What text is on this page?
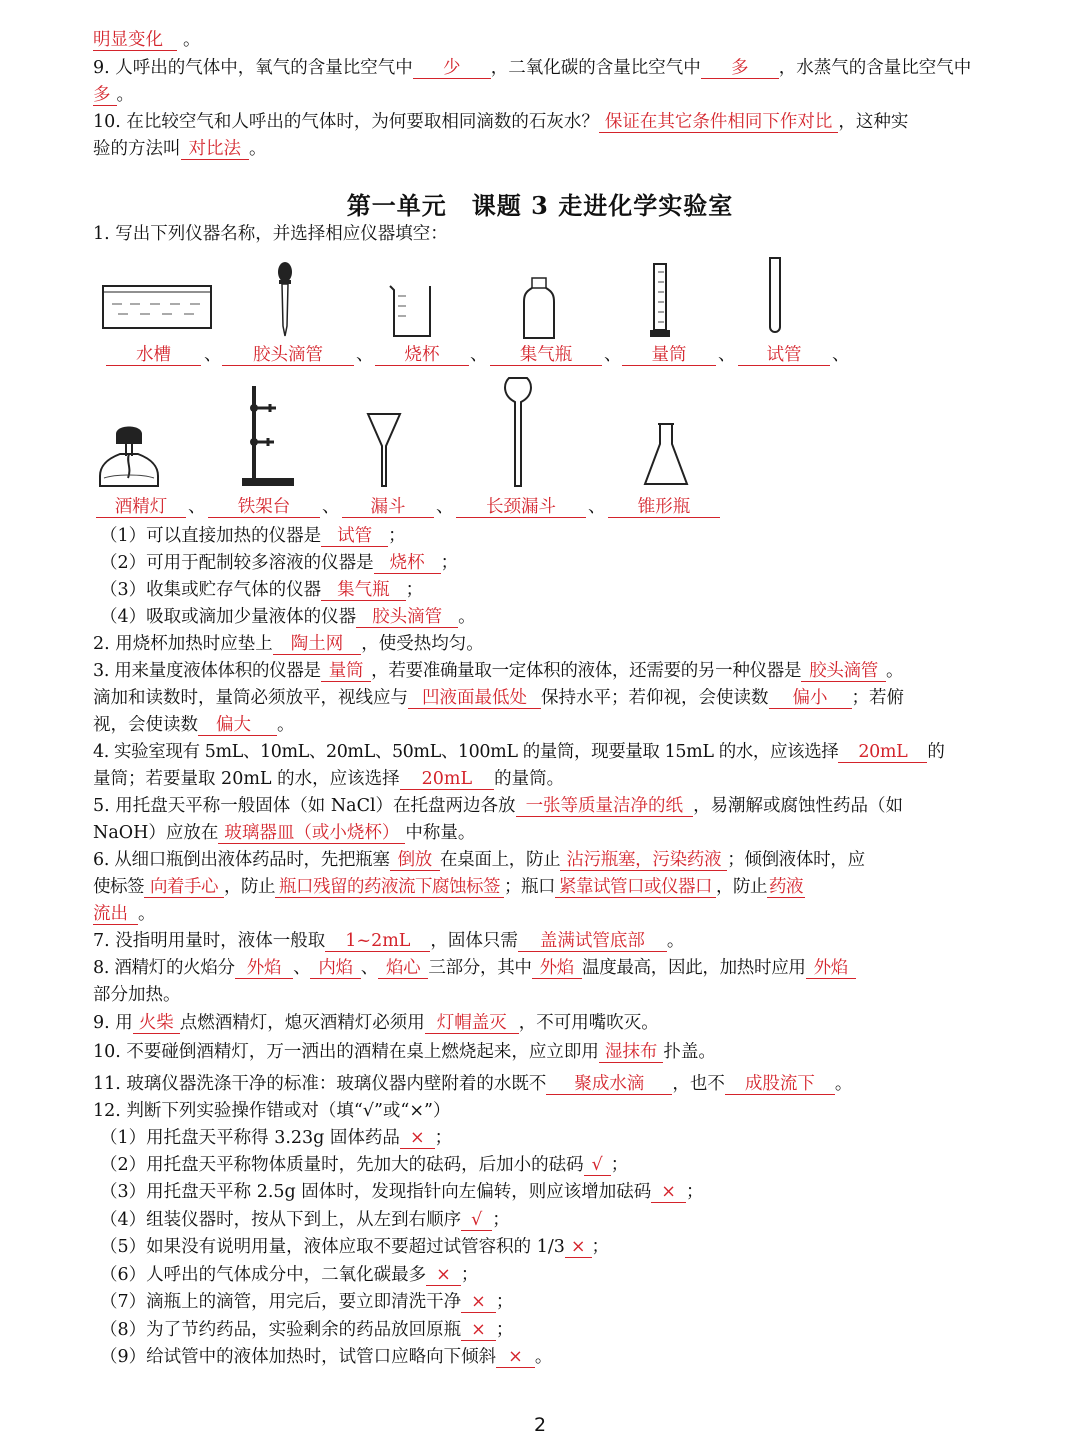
明显变化 。
9. 人呼出的气体中，氧气的含量比空气中 少 ，二氧化碳的含量比空气中 多 ，水蒸气的含量比空气中
多 。
10. 在比较空气和人呼出的气体时，为何要取相同滴数的石灰水？ 保证在其它条件相同下作对比 ，这种实
验的方法叫 对比法 。
第一单元　课题 3 走进化学实验室
1. 写出下列仪器名称，并选择相应仪器填空：
水槽	、	胶头滴管	、	烧杯	、	集气瓶	、	量筒	、	试管	、
酒精灯	、	铁架台	、	漏斗	、	长颈漏斗	、	锥形瓶
（1）可以直接加热的仪器是 试管 ；
（2）可用于配制较多溶液的仪器是 烧杯 ；
（3）收集或贮存气体的仪器 集气瓶 ；
（4）吸取或滴加少量液体的仪器 胶头滴管 。
2. 用烧杯加热时应垫上 陶土网 ，使受热均匀。
3. 用来量度液体体积的仪器是 量筒 ，若要准确量取一定体积的液体，还需要的另一种仪器是 胶头滴管 。
滴加和读数时，量筒必须放平，视线应与 凹液面最低处 保持水平；若仰视，会使读数 偏小 ；若俯
视，会使读数 偏大 。
4. 实验室现有 5mL、10mL、20mL、50mL、100mL 的量筒，现要量取 15mL 的水，应该选择 20mL 的
量筒；若要量取 20mL 的水，应该选择 20mL 的量筒。
5. 用托盘天平称一般固体（如 NaCl）在托盘两边各放 一张等质量洁净的纸 ，易潮解或腐蚀性药品（如
NaOH）应放在 玻璃器皿（或小烧杯） 中称量。
6. 从细口瓶倒出液体药品时，先把瓶塞 倒放 在桌面上，防止 沾污瓶塞，污染药液 ；倾倒液体时，应
使标签 向着手心 ，防止 瓶口残留的药液流下腐蚀标签 ；瓶口 紧靠试管口或仪器口 ，防止 药液
流出 。
7. 没指明用量时，液体一般取 1~2mL ，固体只需 盖满试管底部 。
8. 酒精灯的火焰分 外焰 、 内焰 、 焰心 三部分，其中 外焰 温度最高，因此，加热时应用 外焰
部分加热。
9. 用 火柴 点燃酒精灯，熄灭酒精灯必须用 灯帽盖灭 ，不可用嘴吹灭。
10. 不要碰倒酒精灯，万一洒出的酒精在桌上燃烧起来，应立即用 湿抹布 扑盖。
11. 玻璃仪器洗涤干净的标准：玻璃仪器内壁附着的水既不 聚成水滴 ，也不 成股流下 。
12. 判断下列实验操作错或对（填“√”或“×”）
（1）用托盘天平称得 3.23g 固体药品 × ；
（2）用托盘天平称物体质量时，先加大的砝码，后加小的砝码 √ ；
（3）用托盘天平称 2.5g 固体时，发现指针向左偏转，则应该增加砝码 × ；
（4）组装仪器时，按从下到上，从左到右顺序 √ ；
（5）如果没有说明用量，液体应取不要超过试管容积的 1/3 × ；
（6）人呼出的气体成分中，二氧化碳最多 × ；
（7）滴瓶上的滴管，用完后，要立即清洗干净 × ；
（8）为了节约药品，实验剩余的药品放回原瓶 × ；
（9）给试管中的液体加热时，试管口应略向下倾斜 × 。
2
